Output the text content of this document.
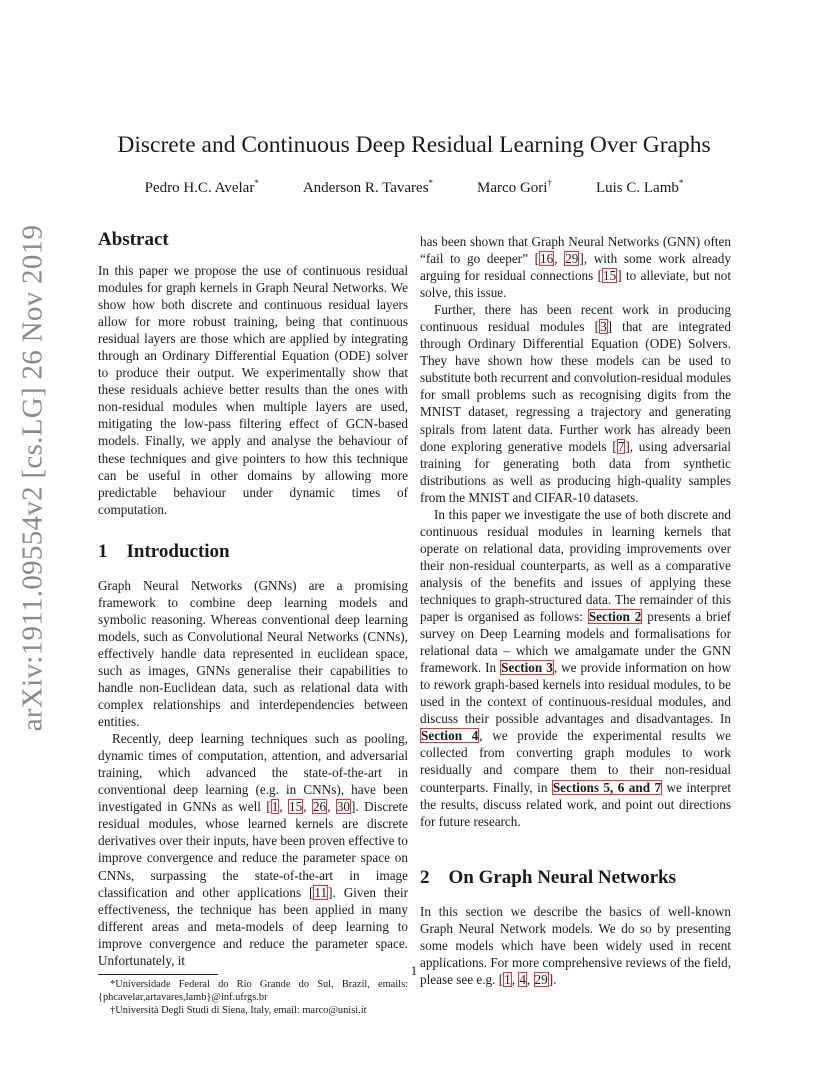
arXiv:1911.09554v2 [cs.LG] 26 Nov 2019
Discrete and Continuous Deep Residual Learning Over Graphs
Pedro H.C. Avelar*	Anderson R. Tavares*	Marco Gori†	Luis C. Lamb*
Abstract

In this paper we propose the use of continuous residual modules for graph kernels in Graph Neural Networks. We show how both discrete and continuous residual layers allow for more robust training, being that continuous residual layers are those which are applied by integrating through an Ordinary Differential Equation (ODE) solver to produce their output. We experimentally show that these residuals achieve better results than the ones with non-residual modules when multiple layers are used, mitigating the low-pass filtering effect of GCN-based models. Finally, we apply and analyse the behaviour of these techniques and give pointers to how this technique can be useful in other domains by allowing more predictable behaviour under dynamic times of computation.

1 Introduction

Graph Neural Networks (GNNs) are a promising framework to combine deep learning models and symbolic reasoning. Whereas conventional deep learning models, such as Convolutional Neural Networks (CNNs), effectively handle data represented in euclidean space, such as images, GNNs generalise their capabilities to handle non-Euclidean data, such as relational data with complex relationships and interdependencies between entities.

Recently, deep learning techniques such as pooling, dynamic times of computation, attention, and adversarial training, which advanced the state-of-the-art in conventional deep learning (e.g. in CNNs), have been investigated in GNNs as well [1, 15, 26, 30]. Discrete residual modules, whose learned kernels are discrete derivatives over their inputs, have been proven effective to improve convergence and reduce the parameter space on CNNs, surpassing the state-of-the-art in image classification and other applications [11]. Given their effectiveness, the technique has been applied in many different areas and meta-models of deep learning to improve convergence and reduce the parameter space. Unfortunately, it

*Universidade Federal do Rio Grande do Sul, Brazil, emails: {phcavelar,artavares,lamb}@inf.ufrgs.br

†Università Degli Studi di Siena, Italy, email: marco@unisi.it

has been shown that Graph Neural Networks (GNN) often “fail to go deeper” [16, 29], with some work already arguing for residual connections [15] to alleviate, but not solve, this issue.

Further, there has been recent work in producing continuous residual modules [3] that are integrated through Ordinary Differential Equation (ODE) Solvers. They have shown how these models can be used to substitute both recurrent and convolution-residual modules for small problems such as recognising digits from the MNIST dataset, regressing a trajectory and generating spirals from latent data. Further work has already been done exploring generative models [7], using adversarial training for generating both data from synthetic distributions as well as producing high-quality samples from the MNIST and CIFAR-10 datasets.

In this paper we investigate the use of both discrete and continuous residual modules in learning kernels that operate on relational data, providing improvements over their non-residual counterparts, as well as a comparative analysis of the benefits and issues of applying these techniques to graph-structured data. The remainder of this paper is organised as follows: Section 2 presents a brief survey on Deep Learning models and formalisations for relational data – which we amalgamate under the GNN framework. In Section 3, we provide information on how to rework graph-based kernels into residual modules, to be used in the context of continuous-residual modules, and discuss their possible advantages and disadvantages. In Section 4, we provide the experimental results we collected from converting graph modules to work residually and compare them to their non-residual counterparts. Finally, in Sections 5, 6 and 7 we interpret the results, discuss related work, and point out directions for future research.

2 On Graph Neural Networks

In this section we describe the basics of well-known Graph Neural Network models. We do so by presenting some models which have been widely used in recent applications. For more comprehensive reviews of the field, please see e.g. [1, 4, 29].

1
